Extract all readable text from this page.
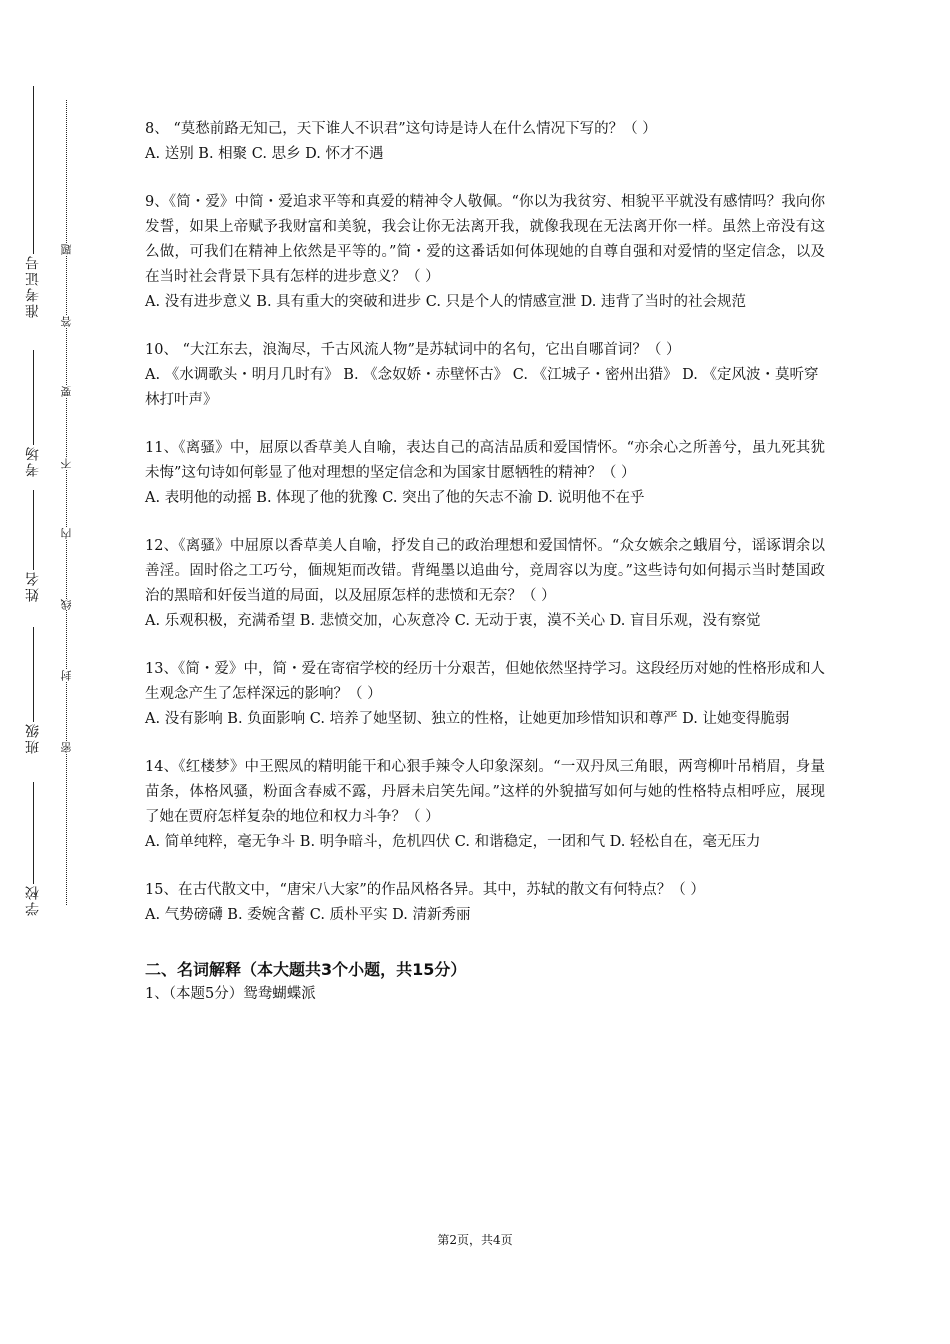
准考证号
考场
姓名
班级
学校
题
答
要
不
内
线
封
密

8、 “莫愁前路无知己，天下谁人不识君”这句诗是诗人在什么情况下写的？（ ）

A. 送别 B. 相聚 C. 思乡 D. 怀才不遇

9、《简・爱》中简・爱追求平等和真爱的精神令人敬佩。“你以为我贫穷、相貌平平就没有感情吗？我向你发誓，如果上帝赋予我财富和美貌，我会让你无法离开我，就像我现在无法离开你一样。虽然上帝没有这么做，可我们在精神上依然是平等的。”简・爱的这番话如何体现她的自尊自强和对爱情的坚定信念，以及在当时社会背景下具有怎样的进步意义？（ ）

A. 没有进步意义 B. 具有重大的突破和进步 C. 只是个人的情感宣泄 D. 违背了当时的社会规范

10、 “大江东去，浪淘尽，千古风流人物”是苏轼词中的名句，它出自哪首词？（ ）

A. 《水调歌头・明月几时有》 B. 《念奴娇・赤壁怀古》 C. 《江城子・密州出猎》 D. 《定风波・莫听穿林打叶声》

11、《离骚》中，屈原以香草美人自喻，表达自己的高洁品质和爱国情怀。“亦余心之所善兮，虽九死其犹未悔”这句诗如何彰显了他对理想的坚定信念和为国家甘愿牺牲的精神？（ ）

A. 表明他的动摇 B. 体现了他的犹豫 C. 突出了他的矢志不渝 D. 说明他不在乎

12、《离骚》中屈原以香草美人自喻，抒发自己的政治理想和爱国情怀。“众女嫉余之蛾眉兮，谣诼谓余以善淫。固时俗之工巧兮，偭规矩而改错。背绳墨以追曲兮，竞周容以为度。”这些诗句如何揭示当时楚国政治的黑暗和奸佞当道的局面，以及屈原怎样的悲愤和无奈？（ ）

A. 乐观积极，充满希望 B. 悲愤交加，心灰意冷 C. 无动于衷，漠不关心 D. 盲目乐观，没有察觉

13、《简・爱》中，简・爱在寄宿学校的经历十分艰苦，但她依然坚持学习。这段经历对她的性格形成和人生观念产生了怎样深远的影响？（ ）

A. 没有影响 B. 负面影响 C. 培养了她坚韧、独立的性格，让她更加珍惜知识和尊严 D. 让她变得脆弱

14、《红楼梦》中王熙凤的精明能干和心狠手辣令人印象深刻。“一双丹凤三角眼，两弯柳叶吊梢眉，身量苗条，体格风骚，粉面含春威不露，丹唇未启笑先闻。”这样的外貌描写如何与她的性格特点相呼应，展现了她在贾府怎样复杂的地位和权力斗争？（ ）

A. 简单纯粹，毫无争斗 B. 明争暗斗，危机四伏 C. 和谐稳定，一团和气 D. 轻松自在，毫无压力

15、在古代散文中，“唐宋八大家”的作品风格各异。其中，苏轼的散文有何特点？（ ）

A. 气势磅礴 B. 委婉含蓄 C. 质朴平实 D. 清新秀丽

二、名词解释（本大题共3个小题，共15分）

1、（本题5分）鸳鸯蝴蝶派

第2页，共4页
